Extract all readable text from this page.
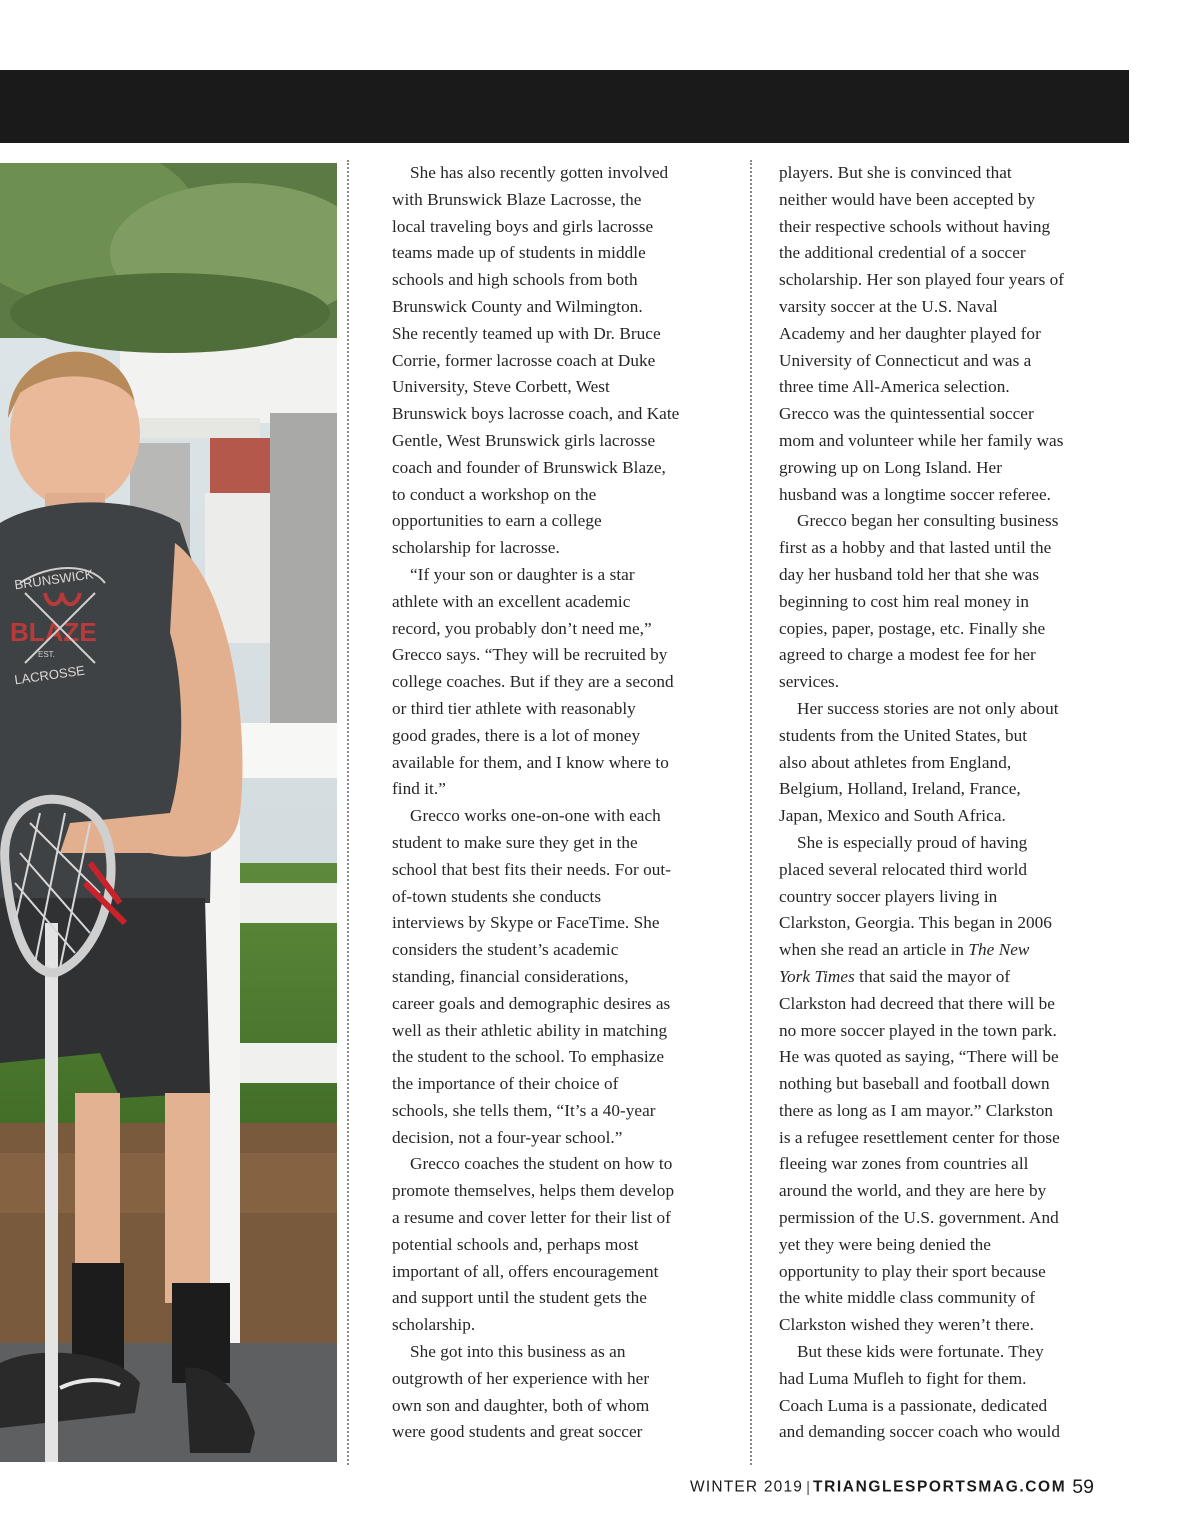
BRUNSWICK
BLAZE
EST.
LACROSSE

She has also recently gotten involved
with Brunswick Blaze Lacrosse, the
local traveling boys and girls lacrosse
teams made up of students in middle
schools and high schools from both
Brunswick County and Wilmington.
She recently teamed up with Dr. Bruce
Corrie, former lacrosse coach at Duke
University, Steve Corbett, West
Brunswick boys lacrosse coach, and Kate
Gentle, West Brunswick girls lacrosse
coach and founder of Brunswick Blaze,
to conduct a workshop on the
opportunities to earn a college
scholarship for lacrosse.

“If your son or daughter is a star
athlete with an excellent academic
record, you probably don’t need me,”
Grecco says. “They will be recruited by
college coaches. But if they are a second
or third tier athlete with reasonably
good grades, there is a lot of money
available for them, and I know where to
find it.”

Grecco works one-on-one with each
student to make sure they get in the
school that best fits their needs. For out-
of-town students she conducts
interviews by Skype or FaceTime. She
considers the student’s academic
standing, financial considerations,
career goals and demographic desires as
well as their athletic ability in matching
the student to the school. To emphasize
the importance of their choice of
schools, she tells them, “It’s a 40-year
decision, not a four-year school.”

Grecco coaches the student on how to
promote themselves, helps them develop
a resume and cover letter for their list of
potential schools and, perhaps most
important of all, offers encouragement
and support until the student gets the
scholarship.

She got into this business as an
outgrowth of her experience with her
own son and daughter, both of whom
were good students and great soccer

players. But she is convinced that
neither would have been accepted by
their respective schools without having
the additional credential of a soccer
scholarship. Her son played four years of
varsity soccer at the U.S. Naval
Academy and her daughter played for
University of Connecticut and was a
three time All-America selection.
Grecco was the quintessential soccer
mom and volunteer while her family was
growing up on Long Island. Her
husband was a longtime soccer referee.

Grecco began her consulting business
first as a hobby and that lasted until the
day her husband told her that she was
beginning to cost him real money in
copies, paper, postage, etc. Finally she
agreed to charge a modest fee for her
services.

Her success stories are not only about
students from the United States, but
also about athletes from England,
Belgium, Holland, Ireland, France,
Japan, Mexico and South Africa.

She is especially proud of having
placed several relocated third world
country soccer players living in
Clarkston, Georgia. This began in 2006
when she read an article in The New
York Times that said the mayor of
Clarkston had decreed that there will be
no more soccer played in the town park.
He was quoted as saying, “There will be
nothing but baseball and football down
there as long as I am mayor.” Clarkston
is a refugee resettlement center for those
fleeing war zones from countries all
around the world, and they are here by
permission of the U.S. government. And
yet they were being denied the
opportunity to play their sport because
the white middle class community of
Clarkston wished they weren’t there.

But these kids were fortunate. They
had Luma Mufleh to fight for them.
Coach Luma is a passionate, dedicated
and demanding soccer coach who would

WINTER 2019 | TRIANGLESPORTSMAG.COM 59
